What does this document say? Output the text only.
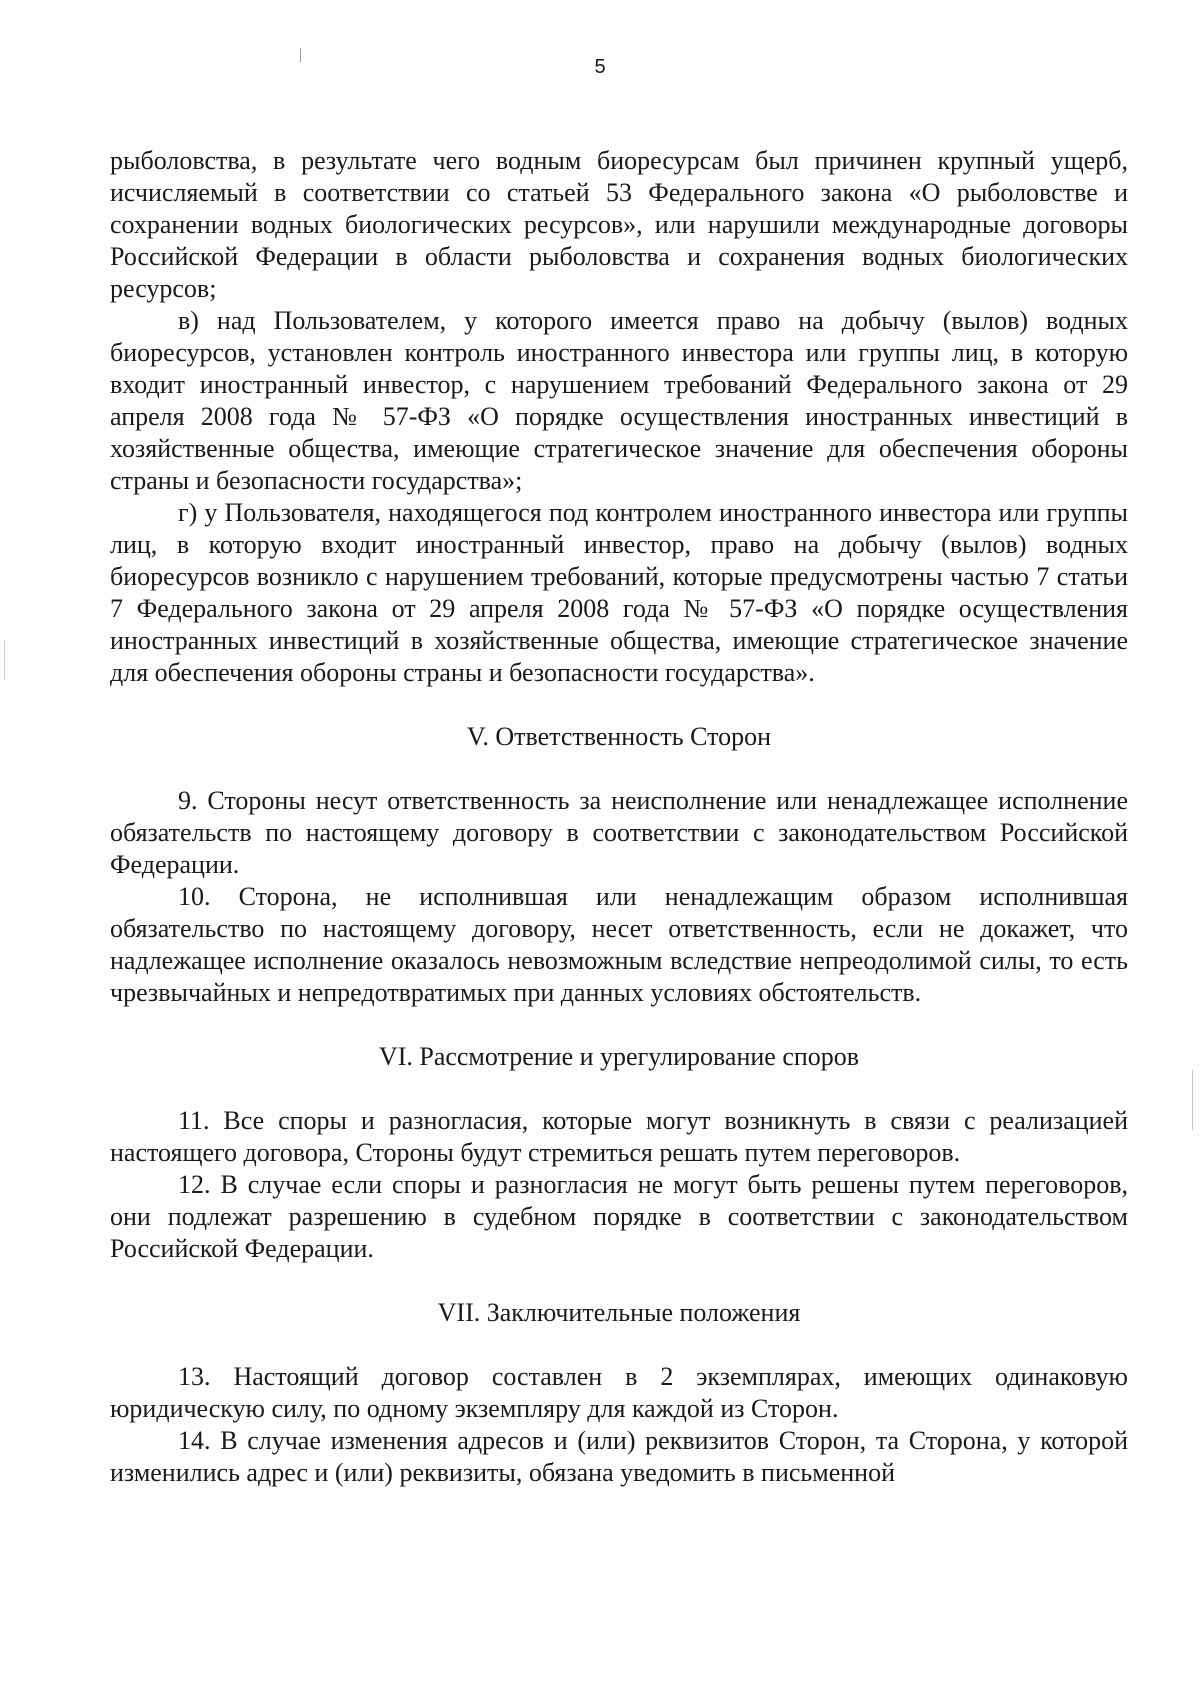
5

рыболовства, в результате чего водным биоресурсам был причинен крупный ущерб, исчисляемый в соответствии со статьей 53 Федерального закона «О рыболовстве и сохранении водных биологических ресурсов», или нарушили международные договоры Российской Федерации в области рыболовства и сохранения водных биологических ресурсов;

в) над Пользователем, у которого имеется право на добычу (вылов) водных биоресурсов, установлен контроль иностранного инвестора или группы лиц, в которую входит иностранный инвестор, с нарушением требований Федерального закона от 29 апреля 2008 года № 57-ФЗ «О порядке осуществления иностранных инвестиций в хозяйственные общества, имеющие стратегическое значение для обеспечения обороны страны и безопасности государства»;

г) у Пользователя, находящегося под контролем иностранного инвестора или группы лиц, в которую входит иностранный инвестор, право на добычу (вылов) водных биоресурсов возникло с нарушением требований, которые предусмотрены частью 7 статьи 7 Федерального закона от 29 апреля 2008 года № 57-ФЗ «О порядке осуществления иностранных инвестиций в хозяйственные общества, имеющие стратегическое значение для обеспечения обороны страны и безопасности государства».

V. Ответственность Сторон

9. Стороны несут ответственность за неисполнение или ненадлежащее исполнение обязательств по настоящему договору в соответствии с законодательством Российской Федерации.

10. Сторона, не исполнившая или ненадлежащим образом исполнившая обязательство по настоящему договору, несет ответственность, если не докажет, что надлежащее исполнение оказалось невозможным вследствие непреодолимой силы, то есть чрезвычайных и непредотвратимых при данных условиях обстоятельств.

VI. Рассмотрение и урегулирование споров

11. Все споры и разногласия, которые могут возникнуть в связи с реализацией настоящего договора, Стороны будут стремиться решать путем переговоров.

12. В случае если споры и разногласия не могут быть решены путем переговоров, они подлежат разрешению в судебном порядке в соответствии с законодательством Российской Федерации.

VII. Заключительные положения

13. Настоящий договор составлен в 2 экземплярах, имеющих одинаковую юридическую силу, по одному экземпляру для каждой из Сторон.

14. В случае изменения адресов и (или) реквизитов Сторон, та Сторона, у которой изменились адрес и (или) реквизиты, обязана уведомить в письменной
